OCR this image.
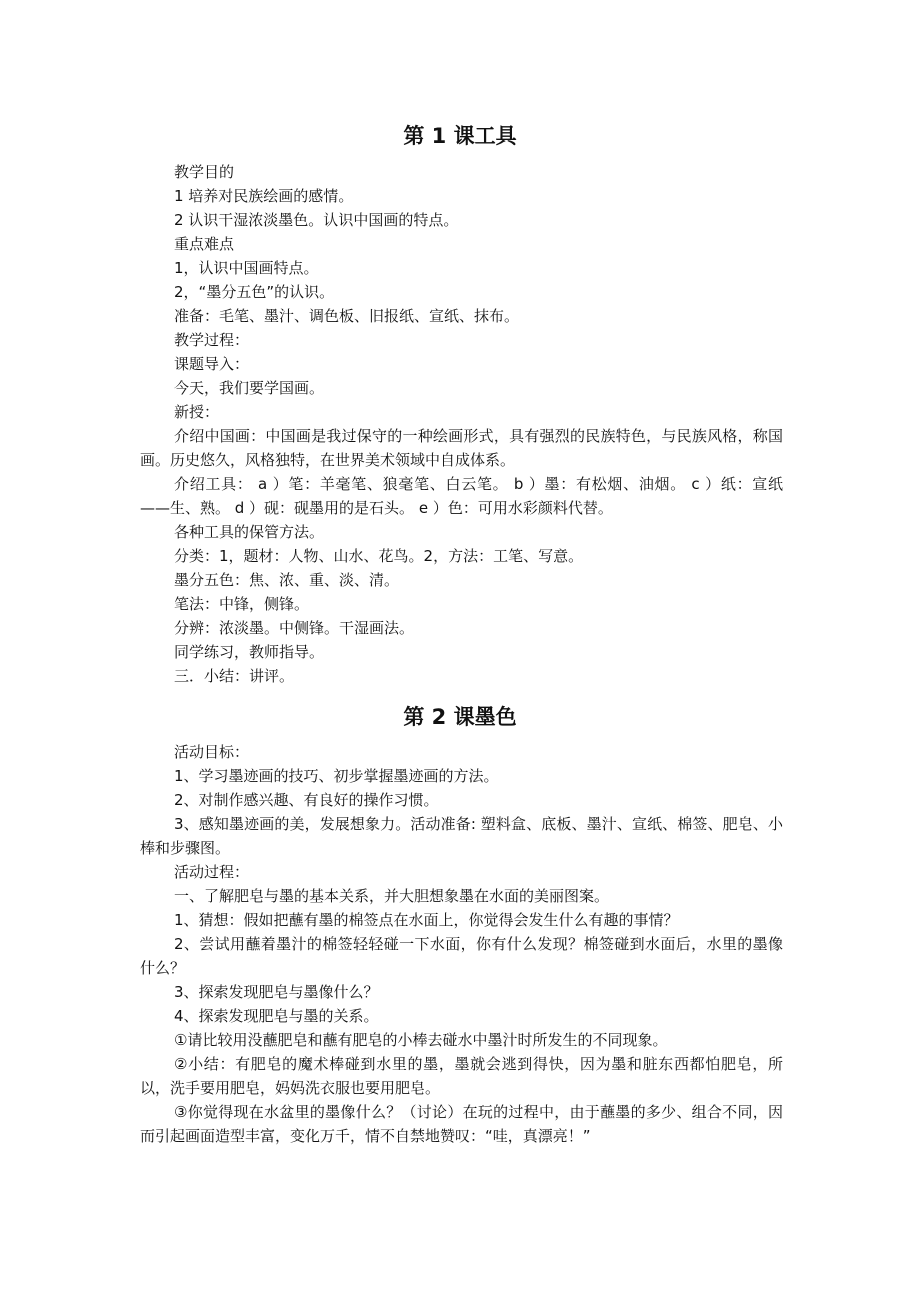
第 1 课工具

教学目的

1 培养对民族绘画的感情。

2 认识干湿浓淡墨色。认识中国画的特点。

重点难点

1，认识中国画特点。

2，“墨分五色”的认识。

准备：毛笔、墨汁、调色板、旧报纸、宣纸、抹布。

教学过程：

课题导入：

今天，我们要学国画。

新授：

介绍中国画：中国画是我过保守的一种绘画形式，具有强烈的民族特色，与民族风格，称国画。历史悠久，风格独特，在世界美术领域中自成体系。

介绍工具： a ）笔：羊毫笔、狼毫笔、白云笔。 b ）墨：有松烟、油烟。 c ）纸：宣纸——生、熟。 d ）砚：砚墨用的是石头。 e ）色：可用水彩颜料代替。

各种工具的保管方法。

分类：1，题材：人物、山水、花鸟。2，方法：工笔、写意。

墨分五色：焦、浓、重、淡、清。

笔法：中锋，侧锋。

分辨：浓淡墨。中侧锋。干湿画法。

同学练习，教师指导。

三．小结：讲评。

第 2 课墨色

活动目标：

1、学习墨迹画的技巧、初步掌握墨迹画的方法。

2、对制作感兴趣、有良好的操作习惯。

3、感知墨迹画的美，发展想象力。活动准备: 塑料盒、底板、墨汁、宣纸、棉签、肥皂、小棒和步骤图。

活动过程：

一、了解肥皂与墨的基本关系，并大胆想象墨在水面的美丽图案。

1、猜想：假如把蘸有墨的棉签点在水面上，你觉得会发生什么有趣的事情？

2、尝试用蘸着墨汁的棉签轻轻碰一下水面，你有什么发现？棉签碰到水面后，水里的墨像什么？

3、探索发现肥皂与墨像什么？

4、探索发现肥皂与墨的关系。

①请比较用没蘸肥皂和蘸有肥皂的小棒去碰水中墨汁时所发生的不同现象。

②小结：有肥皂的魔术棒碰到水里的墨，墨就会逃到得快，因为墨和脏东西都怕肥皂，所以，洗手要用肥皂，妈妈洗衣服也要用肥皂。

③你觉得现在水盆里的墨像什么？（讨论）在玩的过程中，由于蘸墨的多少、组合不同，因而引起画面造型丰富，变化万千，情不自禁地赞叹：“哇，真漂亮！”
